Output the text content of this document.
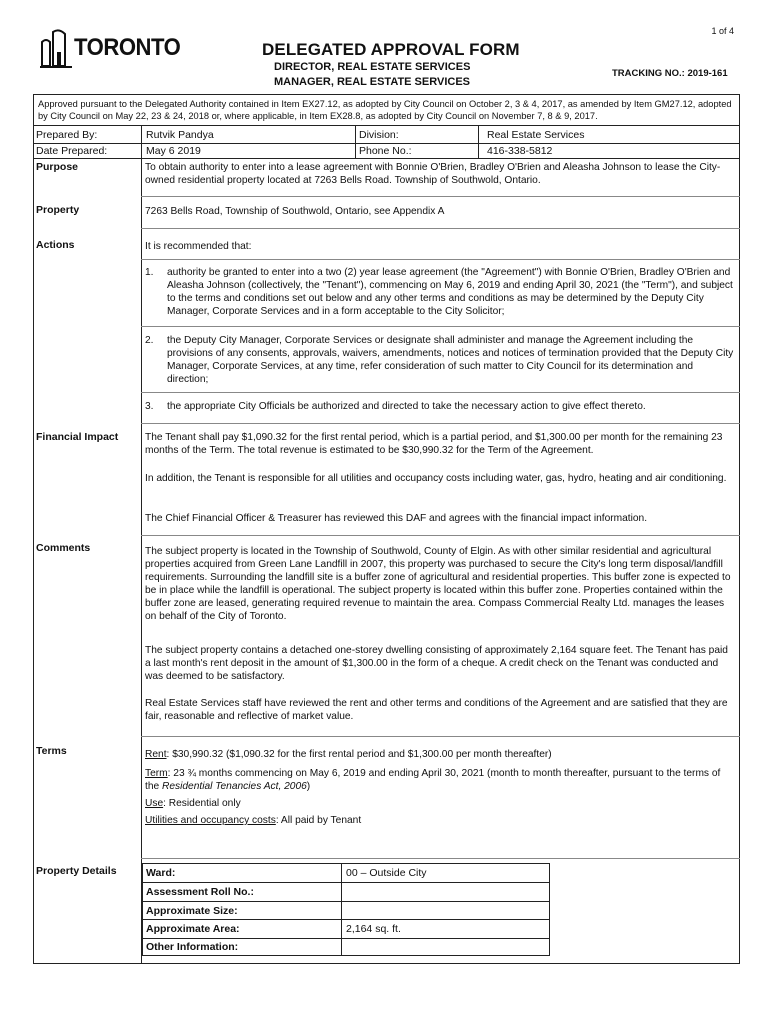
1 of 4
TORONTO	DELEGATED APPROVAL FORM
DIRECTOR, REAL ESTATE SERVICES
MANAGER, REAL ESTATE SERVICES
TRACKING NO.: 2019-161
Approved pursuant to the Delegated Authority contained in Item EX27.12, as adopted by City Council on October 2, 3 & 4, 2017, as amended by Item GM27.12, adopted by City Council on May 22, 23 & 24, 2018 or, where applicable, in Item EX28.8, as adopted by City Council on November 7, 8 & 9, 2017.
Prepared By:	Rutvik Pandya	Division:	Real Estate Services
Date Prepared:	May 6 2019	Phone No.:	416-338-5812
Purpose	To obtain authority to enter into a lease agreement with Bonnie O'Brien, Bradley O'Brien and Aleasha Johnson to lease the City-owned residential property located at 7263 Bells Road. Township of Southwold, Ontario.
Property	7263 Bells Road, Township of Southwold, Ontario, see Appendix A
Actions	It is recommended that:
1. authority be granted to enter into a two (2) year lease agreement (the "Agreement") with Bonnie O'Brien, Bradley O'Brien and Aleasha Johnson (collectively, the "Tenant"), commencing on May 6, 2019 and ending April 30, 2021 (the "Term"), and subject to the terms and conditions set out below and any other terms and conditions as may be determined by the Deputy City Manager, Corporate Services and in a form acceptable to the City Solicitor;
2. the Deputy City Manager, Corporate Services or designate shall administer and manage the Agreement including the provisions of any consents, approvals, waivers, amendments, notices and notices of termination provided that the Deputy City Manager, Corporate Services, at any time, refer consideration of such matter to City Council for its determination and direction;
3. the appropriate City Officials be authorized and directed to take the necessary action to give effect thereto.
Financial Impact	The Tenant shall pay $1,090.32 for the first rental period, which is a partial period, and $1,300.00 per month for the remaining 23 months of the Term. The total revenue is estimated to be $30,990.32 for the Term of the Agreement.
In addition, the Tenant is responsible for all utilities and occupancy costs including water, gas, hydro, heating and air conditioning.
The Chief Financial Officer & Treasurer has reviewed this DAF and agrees with the financial impact information.
Comments	The subject property is located in the Township of Southwold, County of Elgin. As with other similar residential and agricultural properties acquired from Green Lane Landfill in 2007, this property was purchased to secure the City's long term disposal/landfill requirements. Surrounding the landfill site is a buffer zone of agricultural and residential properties. This buffer zone is expected to be in place while the landfill is operational. The subject property is located within this buffer zone. Properties contained within the buffer zone are leased, generating required revenue to maintain the area. Compass Commercial Realty Ltd. manages the leases on behalf of the City of Toronto.
The subject property contains a detached one-storey dwelling consisting of approximately 2,164 square feet. The Tenant has paid a last month's rent deposit in the amount of $1,300.00 in the form of a cheque. A credit check on the Tenant was conducted and was deemed to be satisfactory.
Real Estate Services staff have reviewed the rent and other terms and conditions of the Agreement and are satisfied that they are fair, reasonable and reflective of market value.
Terms	Rent: $30,990.32 ($1,090.32 for the first rental period and $1,300.00 per month thereafter)
Term: 23 ¾ months commencing on May 6, 2019 and ending April 30, 2021 (month to month thereafter, pursuant to the terms of the Residential Tenancies Act, 2006)
Use: Residential only
Utilities and occupancy costs: All paid by Tenant
Property Details	Ward:	00 – Outside City
Assessment Roll No.:
Approximate Size:
Approximate Area:	2,164 sq. ft.
Other Information:
